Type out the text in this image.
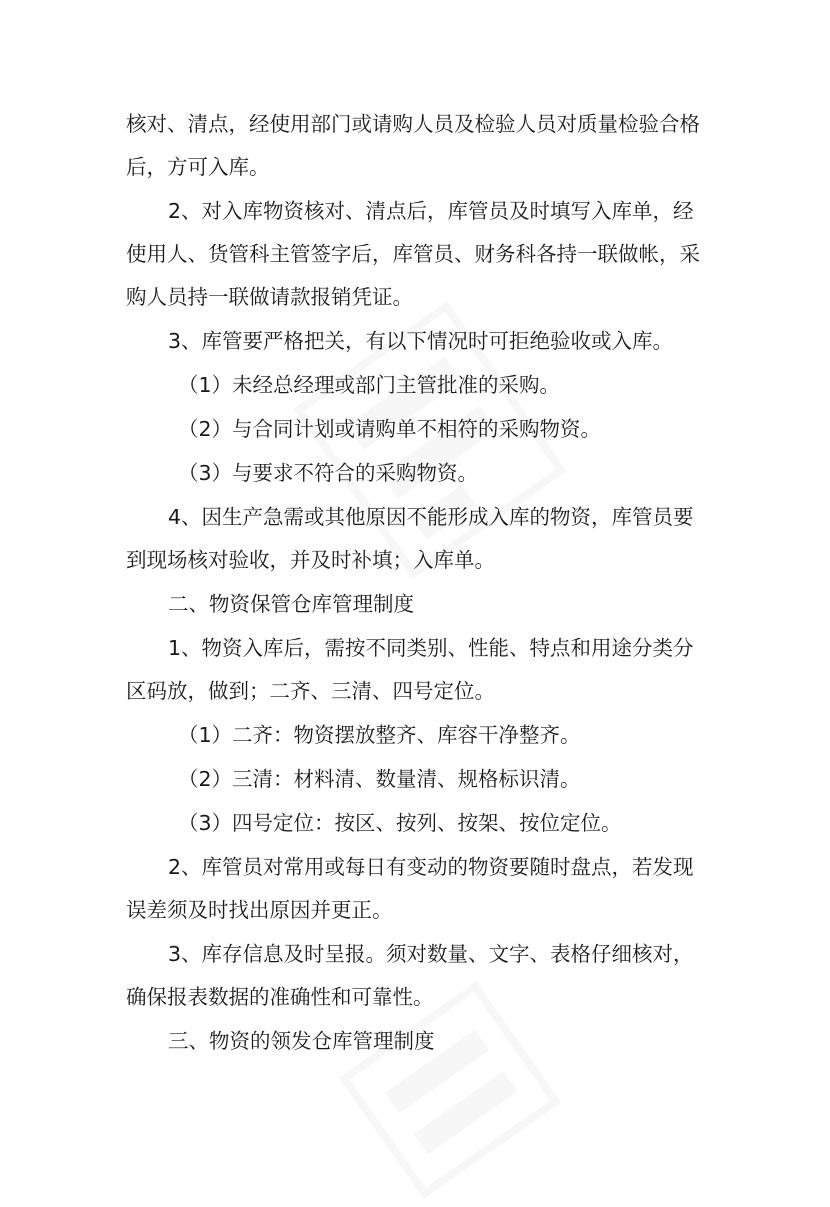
核对、清点，经使用部门或请购人员及检验人员对质量检验合格
后，方可入库。
2、对入库物资核对、清点后，库管员及时填写入库单，经
使用人、货管科主管签字后，库管员、财务科各持一联做帐，采
购人员持一联做请款报销凭证。
3、库管要严格把关，有以下情况时可拒绝验收或入库。
（1）未经总经理或部门主管批准的采购。
（2）与合同计划或请购单不相符的采购物资。
（3）与要求不符合的采购物资。
4、因生产急需或其他原因不能形成入库的物资，库管员要
到现场核对验收，并及时补填；入库单。
二、物资保管仓库管理制度
1、物资入库后，需按不同类别、性能、特点和用途分类分
区码放，做到；二齐、三清、四号定位。
（1）二齐：物资摆放整齐、库容干净整齐。
（2）三清：材料清、数量清、规格标识清。
（3）四号定位：按区、按列、按架、按位定位。
2、库管员对常用或每日有变动的物资要随时盘点，若发现
误差须及时找出原因并更正。
3、库存信息及时呈报。须对数量、文字、表格仔细核对，
确保报表数据的准确性和可靠性。
三、物资的领发仓库管理制度
